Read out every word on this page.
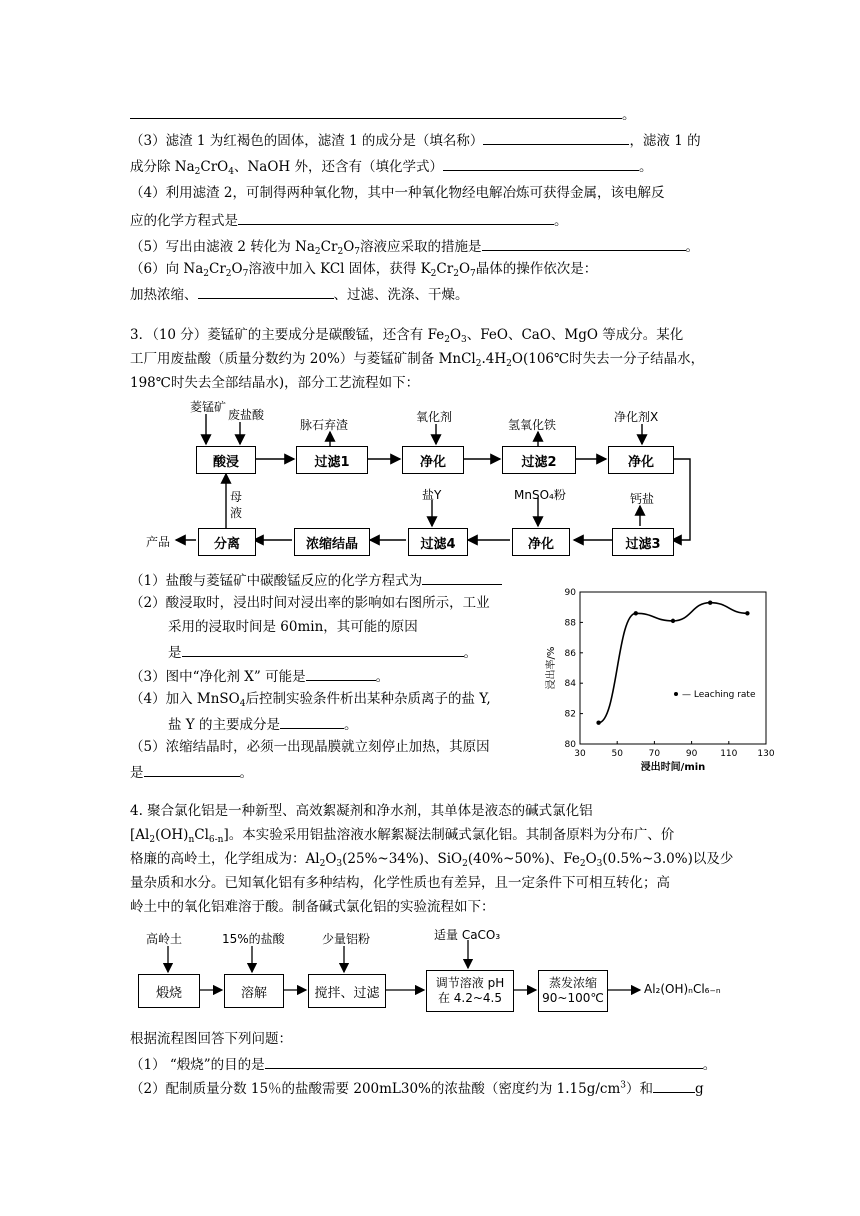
。
（3）滤渣 1 为红褐色的固体，滤渣 1 的成分是（填名称）	，滤液 1 的
成分除 $Na_2CrO_4$、NaOH 外，还含有（填化学式）	。
（4）利用滤渣 2，可制得两种氧化物，其中一种氧化物经电解冶炼可获得金属，该电解反
应的化学方程式是	。
（5）写出由滤液 2 转化为 $Na_2Cr_2O_7$溶液应采取的措施是	。
（6）向 $Na_2Cr_2O_7$溶液中加入 KCl 固体，获得 $K_2Cr_2O_7$晶体的操作依次是：
加热浓缩、	、过滤、洗涤、干燥。
3．（10 分）菱锰矿的主要成分是碳酸锰，还含有 $Fe_2O_3$、FeO、CaO、MgO 等成分。某化
工厂用废盐酸（质量分数约为 20%）与菱锰矿制备 $MnCl_2.4H_2O(106℃$时失去一分子结晶水，
198℃时失去全部结晶水)，部分工艺流程如下：
酸浸	过滤1	净化	过滤2	净化
过滤3
净化
过滤4
浓缩结晶
分离
菱锰矿
废盐酸
脉石弃渣
氧化剂
氢氧化铁
净化剂X
钙盐
MnSO₄粉
盐Y
产品
母
液
（1）盐酸与菱锰矿中碳酸锰反应的化学方程式为
（2）酸浸取时，浸出时间对浸出率的影响如右图所示，工业
采用的浸取时间是 60min，其可能的原因
是	。
（3）图中“净化剂 X” 可能是	。
（4）加入 MnSO$_4$后控制实验条件析出某种杂质离子的盐 Y,
盐 Y 的主要成分是	。
（5）浓缩结晶时，必须一出现晶膜就立刻停止加热，其原因
是	。
30	50	70	90	110 130
80
82
84
86
88
90
浸出时间/min
浸出率/%
— Leaching rate
4. 聚合氯化铝是一种新型、高效絮凝剂和净水剂，其单体是液态的碱式氯化铝
$[Al_2(OH)_nCl_{6-n}]$。本实验采用铝盐溶液水解絮凝法制碱式氯化铝。其制备原料为分布广、价
格廉的高岭土，化学组成为：$Al_2O_3(25\%\sim 34\%)$、SiO$_2$(40%~50%)、$Fe_2O_3(0.5\%\sim 3.0\%)$以及少
量杂质和水分。已知氧化铝有多种结构，化学性质也有差异，且一定条件下可相互转化；高
岭土中的氧化铝难溶于酸。制备碱式氯化铝的实验流程如下：
高岭土	15%的盐酸	少量铝粉	适量 CaCO₃
煅烧	溶解	搅拌、过滤
调节溶液 pH
在 4.2~4.5
蒸发浓缩
90~100℃
Al₂(OH)ₙCl₆₋ₙ
根据流程图回答下列问题：
（1） “煅烧”的目的是	。
（2）配制质量分数 15％的盐酸需要 200mL30%的浓盐酸（密度约为 $1.15g/cm^3$）和	g
